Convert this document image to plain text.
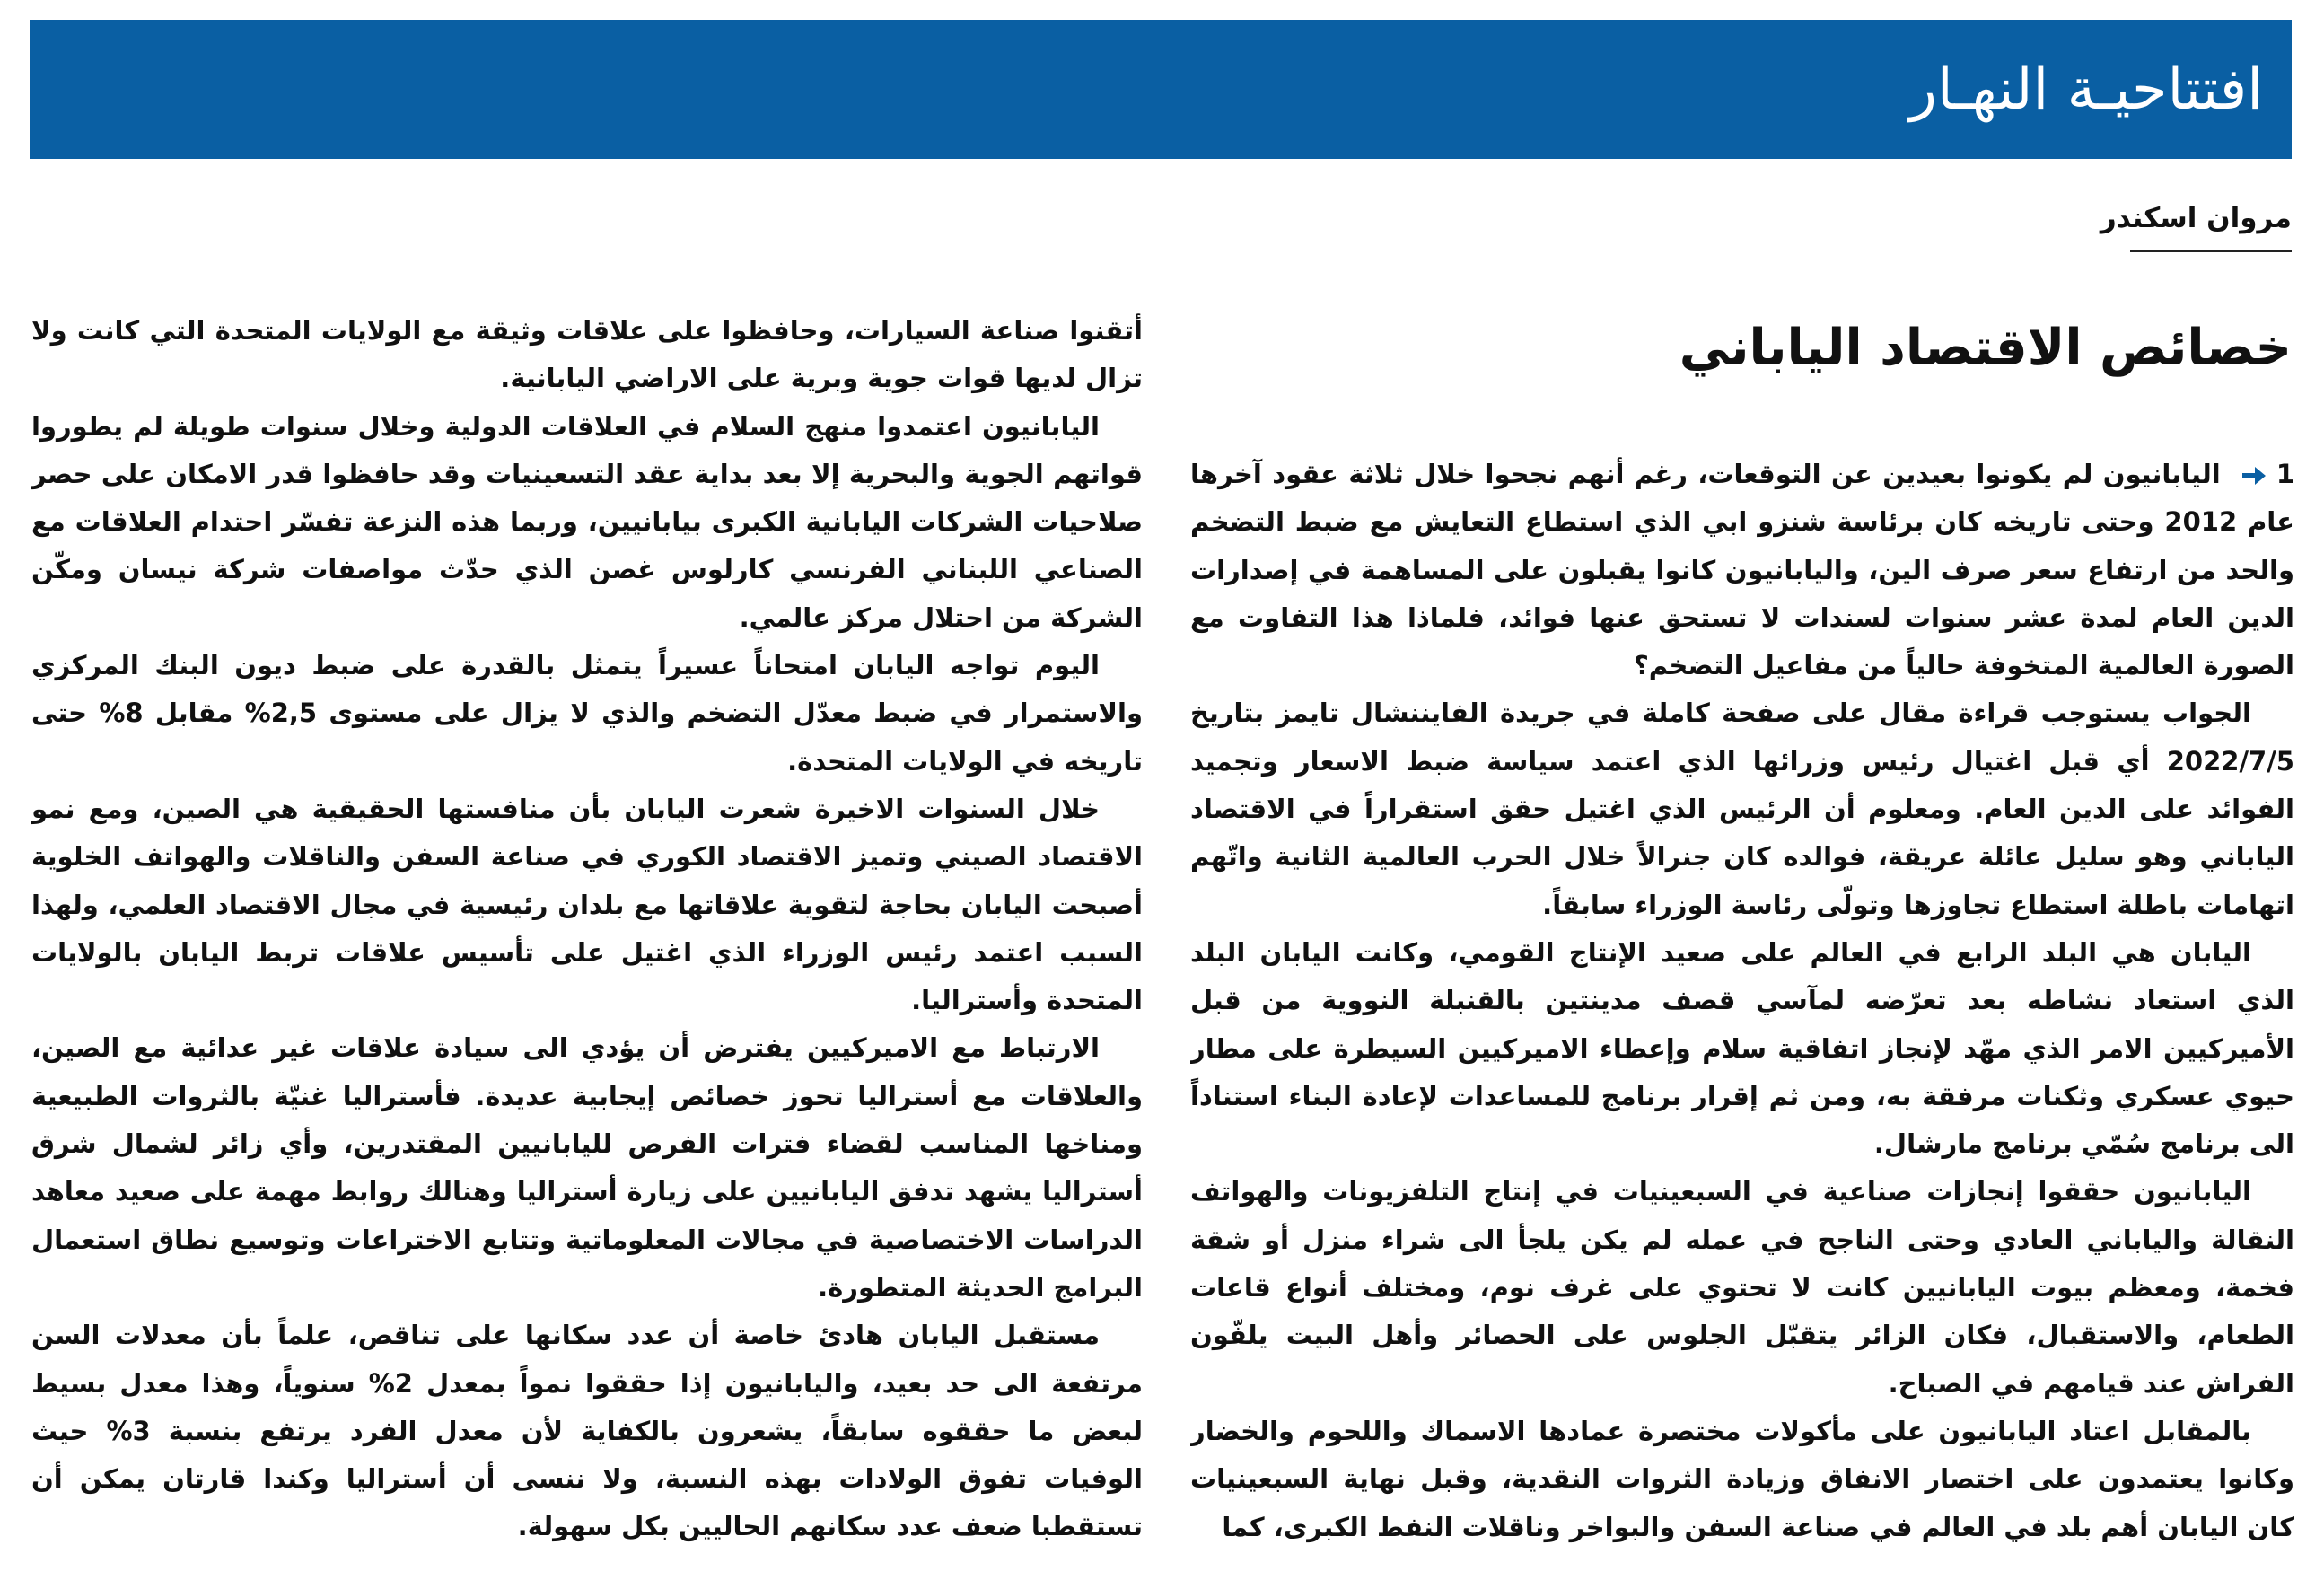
افتتاحيـة النهـار
مروان اسكندر
خصائص الاقتصاد الياباني

1 اليابانيون لم يكونوا بعيدين عن التوقعات، رغم أنهم نجحوا خلال ثلاثة عقود آخرها عام 2012 وحتى تاريخه كان برئاسة شنزو ابي الذي استطاع التعايش مع ضبط التضخم والحد من ارتفاع سعر صرف الين، واليابانيون كانوا يقبلون على المساهمة في إصدارات الدين العام لمدة عشر سنوات لسندات لا تستحق عنها فوائد، فلماذا هذا التفاوت مع الصورة العالمية المتخوفة حالياً من مفاعيل التضخم؟

الجواب يستوجب قراءة مقال على صفحة كاملة في جريدة الفايننشال تايمز بتاريخ 2022/7/5 أي قبل اغتيال رئيس وزرائها الذي اعتمد سياسة ضبط الاسعار وتجميد الفوائد على الدين العام. ومعلوم أن الرئيس الذي اغتيل حقق استقراراً في الاقتصاد الياباني وهو سليل عائلة عريقة، فوالده كان جنرالاً خلال الحرب العالمية الثانية واتّهم اتهامات باطلة استطاع تجاوزها وتولّى رئاسة الوزراء سابقاً.

اليابان هي البلد الرابع في العالم على صعيد الإنتاج القومي، وكانت اليابان البلد الذي استعاد نشاطه بعد تعرّضه لمآسي قصف مدينتين بالقنبلة النووية من قبل الأميركيين الامر الذي مهّد لإنجاز اتفاقية سلام وإعطاء الاميركيين السيطرة على مطار حيوي عسكري وثكنات مرفقة به، ومن ثم إقرار برنامج للمساعدات لإعادة البناء استناداً الى برنامج سُمّي برنامج مارشال.

اليابانيون حققوا إنجازات صناعية في السبعينيات في إنتاج التلفزيونات والهواتف النقالة والياباني العادي وحتى الناجح في عمله لم يكن يلجأ الى شراء منزل أو شقة فخمة، ومعظم بيوت اليابانيين كانت لا تحتوي على غرف نوم، ومختلف أنواع قاعات الطعام، والاستقبال، فكان الزائر يتقبّل الجلوس على الحصائر وأهل البيت يلفّون الفراش عند قيامهم في الصباح.

بالمقابل اعتاد اليابانيون على مأكولات مختصرة عمادها الاسماك واللحوم والخضار وكانوا يعتمدون على اختصار الانفاق وزيادة الثروات النقدية، وقبل نهاية السبعينيات كان اليابان أهم بلد في العالم في صناعة السفن والبواخر وناقلات النفط الكبرى، كما

أتقنوا صناعة السيارات، وحافظوا على علاقات وثيقة مع الولايات المتحدة التي كانت ولا تزال لديها قوات جوية وبرية على الاراضي اليابانية.

اليابانيون اعتمدوا منهج السلام في العلاقات الدولية وخلال سنوات طويلة لم يطوروا قواتهم الجوية والبحرية إلا بعد بداية عقد التسعينيات وقد حافظوا قدر الامكان على حصر صلاحيات الشركات اليابانية الكبرى بيابانيين، وربما هذه النزعة تفسّر احتدام العلاقات مع الصناعي اللبناني الفرنسي كارلوس غصن الذي حدّث مواصفات شركة نيسان ومكّن الشركة من احتلال مركز عالمي.

اليوم تواجه اليابان امتحاناً عسيراً يتمثل بالقدرة على ضبط ديون البنك المركزي والاستمرار في ضبط معدّل التضخم والذي لا يزال على مستوى 2,5% مقابل 8% حتى تاريخه في الولايات المتحدة.

خلال السنوات الاخيرة شعرت اليابان بأن منافستها الحقيقية هي الصين، ومع نمو الاقتصاد الصيني وتميز الاقتصاد الكوري في صناعة السفن والناقلات والهواتف الخلوية أصبحت اليابان بحاجة لتقوية علاقاتها مع بلدان رئيسية في مجال الاقتصاد العلمي، ولهذا السبب اعتمد رئيس الوزراء الذي اغتيل على تأسيس علاقات تربط اليابان بالولايات المتحدة وأستراليا.

الارتباط مع الاميركيين يفترض أن يؤدي الى سيادة علاقات غير عدائية مع الصين، والعلاقات مع أستراليا تحوز خصائص إيجابية عديدة. فأستراليا غنيّة بالثروات الطبيعية ومناخها المناسب لقضاء فترات الفرص لليابانيين المقتدرين، وأي زائر لشمال شرق أستراليا يشهد تدفق اليابانيين على زيارة أستراليا وهنالك روابط مهمة على صعيد معاهد الدراسات الاختصاصية في مجالات المعلوماتية وتتابع الاختراعات وتوسيع نطاق استعمال البرامج الحديثة المتطورة.

مستقبل اليابان هادئ خاصة أن عدد سكانها على تناقص، علماً بأن معدلات السن مرتفعة الى حد بعيد، واليابانيون إذا حققوا نمواً بمعدل 2% سنوياً، وهذا معدل بسيط لبعض ما حققوه سابقاً، يشعرون بالكفاية لأن معدل الفرد يرتفع بنسبة 3% حيث الوفيات تفوق الولادات بهذه النسبة، ولا ننسى أن أستراليا وكندا قارتان يمكن أن تستقطبا ضعف عدد سكانهم الحاليين بكل سهولة.
